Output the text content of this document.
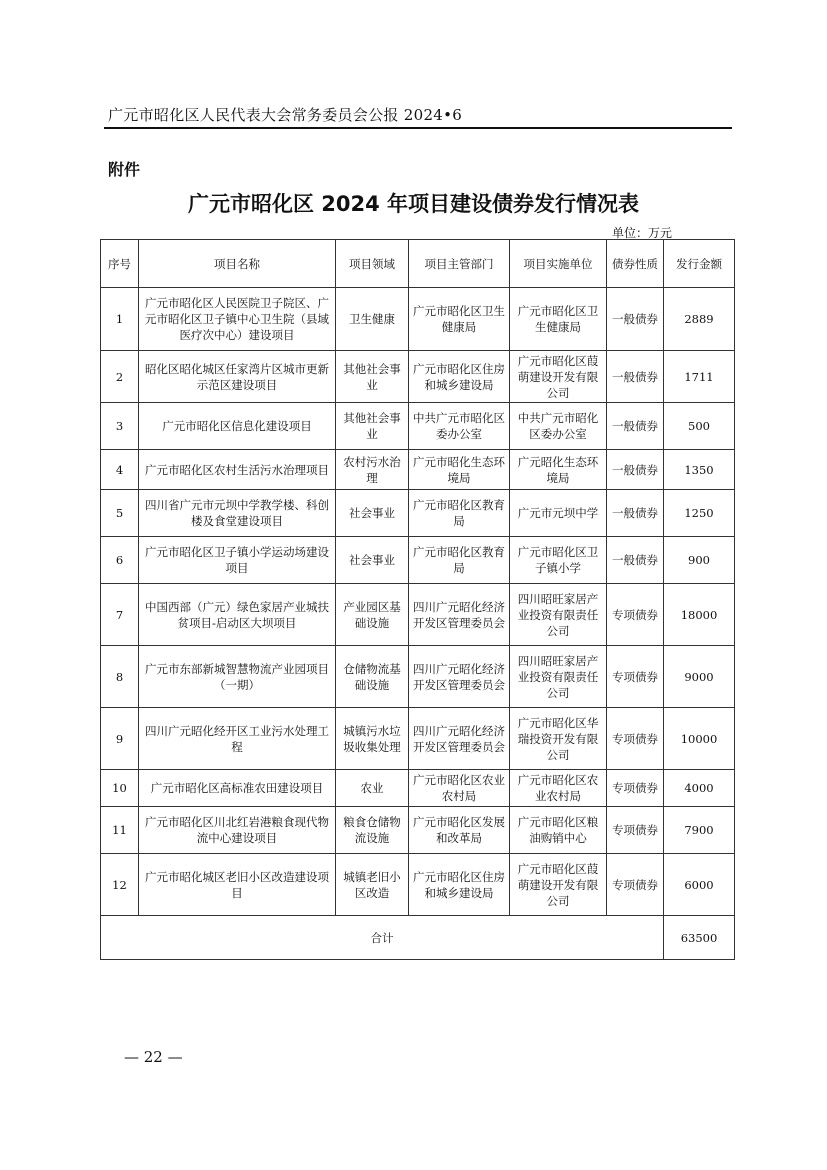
广元市昭化区人民代表大会常务委员会公报 2024•6
附件
广元市昭化区 2024 年项目建设债券发行情况表
单位：万元
序号	项目名称	项目领域	项目主管部门	项目实施单位	债券性质	发行金额
1	广元市昭化区人民医院卫子院区、广元市昭化区卫子镇中心卫生院（县域医疗次中心）建设项目	卫生健康	广元市昭化区卫生健康局	广元市昭化区卫生健康局	一般债券	2889
2	昭化区昭化城区任家湾片区城市更新示范区建设项目	其他社会事业	广元市昭化区住房和城乡建设局	广元市昭化区葭萌建设开发有限公司	一般债券	1711
3	广元市昭化区信息化建设项目	其他社会事业	中共广元市昭化区委办公室	中共广元市昭化区委办公室	一般债券	500
4	广元市昭化区农村生活污水治理项目	农村污水治理	广元市昭化生态环境局	广元昭化生态环境局	一般债券	1350
5	四川省广元市元坝中学教学楼、科创楼及食堂建设项目	社会事业	广元市昭化区教育局	广元市元坝中学	一般债券	1250
6	广元市昭化区卫子镇小学运动场建设项目	社会事业	广元市昭化区教育局	广元市昭化区卫子镇小学	一般债券	900
7	中国西部（广元）绿色家居产业城扶贫项目-启动区大坝项目	产业园区基础设施	四川广元昭化经济开发区管理委员会	四川昭旺家居产业投资有限责任公司	专项债券	18000
8	广元市东部新城智慧物流产业园项目（一期）	仓储物流基础设施	四川广元昭化经济开发区管理委员会	四川昭旺家居产业投资有限责任公司	专项债券	9000
9	四川广元昭化经开区工业污水处理工程	城镇污水垃圾收集处理	四川广元昭化经济开发区管理委员会	广元市昭化区华瑞投资开发有限公司	专项债券	10000
10	广元市昭化区高标准农田建设项目	农业	广元市昭化区农业农村局	广元市昭化区农业农村局	专项债券	4000
11	广元市昭化区川北红岩港粮食现代物流中心建设项目	粮食仓储物流设施	广元市昭化区发展和改革局	广元市昭化区粮油购销中心	专项债券	7900
12	广元市昭化城区老旧小区改造建设项目	城镇老旧小区改造	广元市昭化区住房和城乡建设局	广元市昭化区葭萌建设开发有限公司	专项债券	6000
合计						63500
— 22 —
